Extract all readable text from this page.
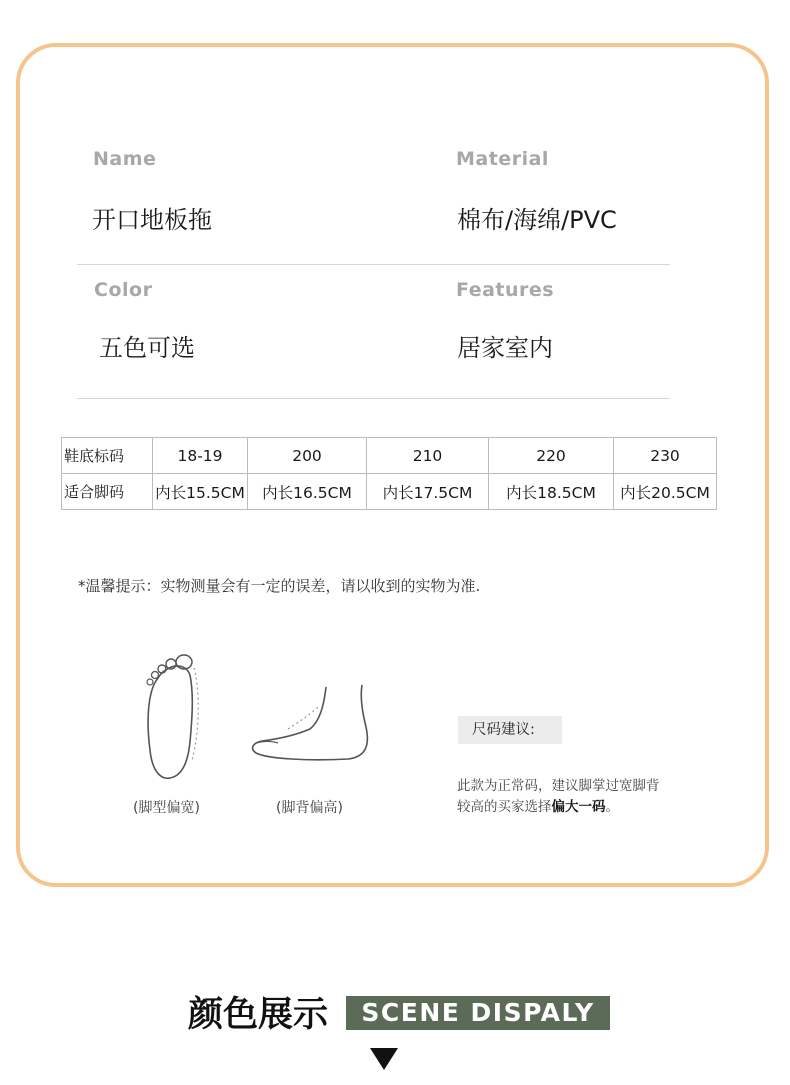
Name
开口地板拖
Material
棉布/海绵/PVC
Color
五色可选
Features
居家室内
鞋底标码	18-19	200	210	220	230
适合脚码	内长15.5CM	内长16.5CM	内长17.5CM	内长18.5CM	内长20.5CM
*温馨提示：实物测量会有一定的误差，请以收到的实物为准.
(脚型偏宽)	(脚背偏高)
尺码建议:
此款为正常码，建议脚掌过宽脚背
较高的买家选择偏大一码。
颜色展示	SCENE DISPALY
